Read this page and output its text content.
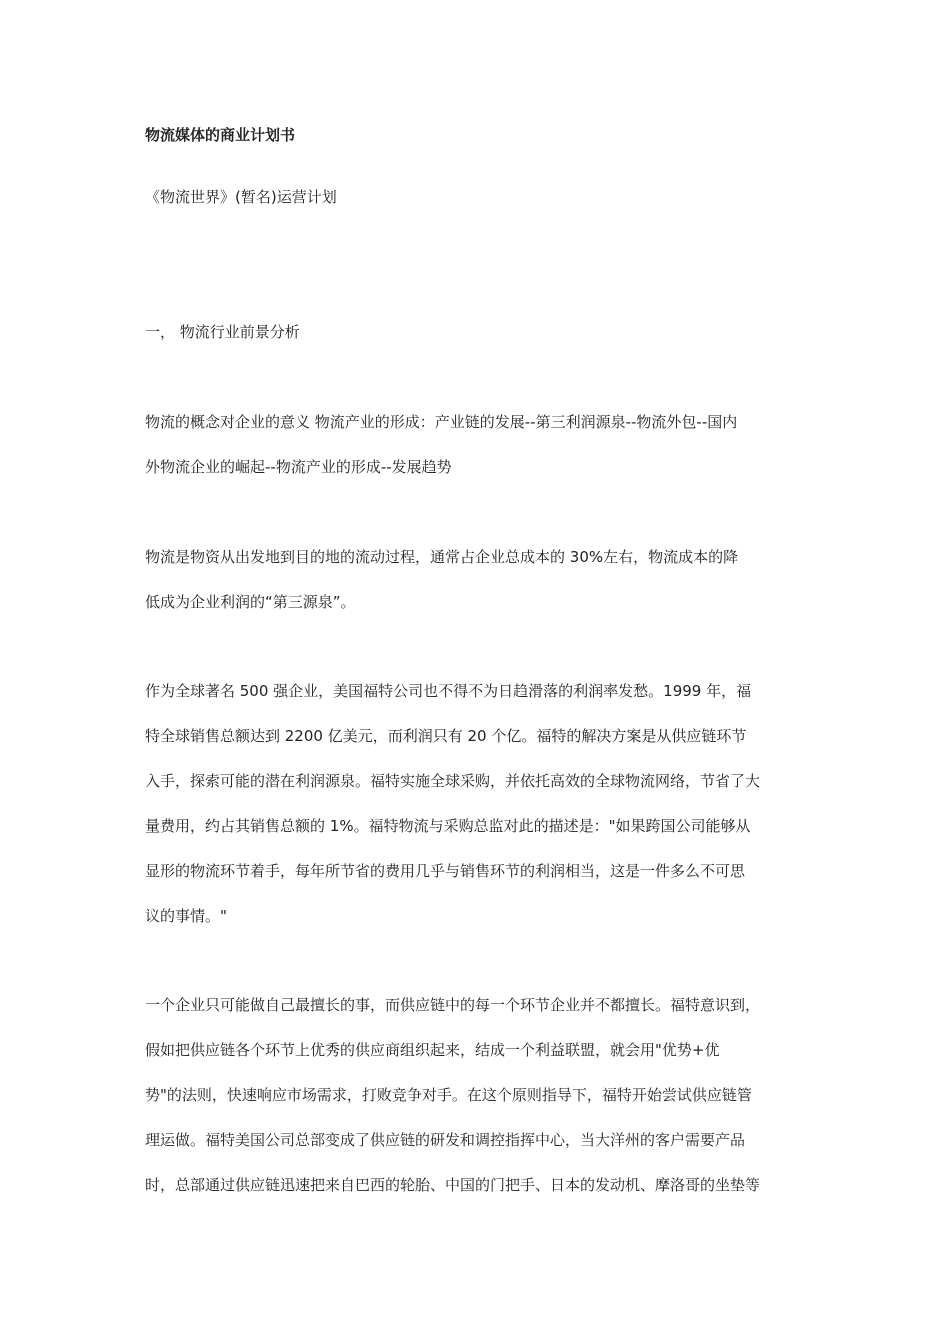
物流媒体的商业计划书
《物流世界》(暂名)运营计划
一， 物流行业前景分析
物流的概念对企业的意义 物流产业的形成：产业链的发展--第三利润源泉--物流外包--国内
外物流企业的崛起--物流产业的形成--发展趋势
物流是物资从出发地到目的地的流动过程，通常占企业总成本的 30%左右，物流成本的降
低成为企业利润的“第三源泉”。
作为全球著名 500 强企业，美国福特公司也不得不为日趋滑落的利润率发愁。1999 年，福
特全球销售总额达到 2200 亿美元，而利润只有 20 个亿。福特的解决方案是从供应链环节
入手，探索可能的潜在利润源泉。福特实施全球采购，并依托高效的全球物流网络，节省了大
量费用，约占其销售总额的 1%。福特物流与采购总监对此的描述是："如果跨国公司能够从
显形的物流环节着手，每年所节省的费用几乎与销售环节的利润相当，这是一件多么不可思
议的事情。"
一个企业只可能做自己最擅长的事，而供应链中的每一个环节企业并不都擅长。福特意识到，
假如把供应链各个环节上优秀的供应商组织起来，结成一个利益联盟，就会用"优势+优
势"的法则，快速响应市场需求，打败竞争对手。在这个原则指导下，福特开始尝试供应链管
理运做。福特美国公司总部变成了供应链的研发和调控指挥中心，当大洋州的客户需要产品
时，总部通过供应链迅速把来自巴西的轮胎、中国的门把手、日本的发动机、摩洛哥的坐垫等
